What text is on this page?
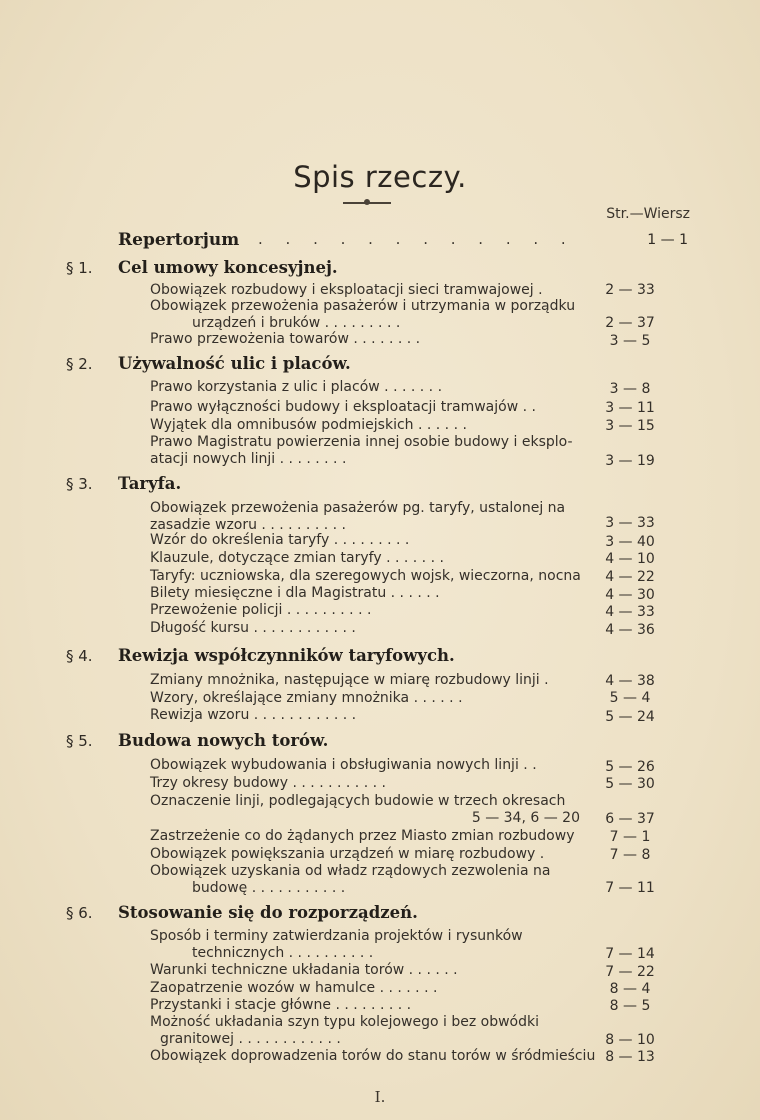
Spis rzeczy.
Str.—Wiersz
Repertorjum . . . . . . . . . . . .	1 — 1
§ 1. Cel umowy koncesyjnej.
Obowiązek rozbudowy i eksploatacji sieci tramwajowej .	2 — 33
Obowiązek przewożenia pasażerów i utrzymania w porządku
urządzeń i bruków . . . . . . . . .	2 — 37
Prawo przewożenia towarów . . . . . . . .	3 — 5
§ 2. Używalność ulic i placów.
Prawo korzystania z ulic i placów . . . . . . .	3 — 8
Prawo wyłączności budowy i eksploatacji tramwajów . .	3 — 11
Wyjątek dla omnibusów podmiejskich . . . . . .	3 — 15
Prawo Magistratu powierzenia innej osobie budowy i eksplo-
atacji nowych linji . . . . . . . .	3 — 19
§ 3. Taryfa.
Obowiązek przewożenia pasażerów pg. taryfy, ustalonej na
zasadzie wzoru . . . . . . . . . .	3 — 33
Wzór do określenia taryfy . . . . . . . . .	3 — 40
Klauzule, dotyczące zmian taryfy . . . . . . .	4 — 10
Taryfy: uczniowska, dla szeregowych wojsk, wieczorna, nocna	4 — 22
Bilety miesięczne i dla Magistratu . . . . . .	4 — 30
Przewożenie policji . . . . . . . . . .	4 — 33
Długość kursu . . . . . . . . . . . .	4 — 36
§ 4. Rewizja współczynników taryfowych.
Zmiany mnożnika, następujące w miarę rozbudowy linji .	4 — 38
Wzory, określające zmiany mnożnika . . . . . .	5 — 4
Rewizja wzoru . . . . . . . . . . . .	5 — 24
§ 5. Budowa nowych torów.
Obowiązek wybudowania i obsługiwania nowych linji . .	5 — 26
Trzy okresy budowy . . . . . . . . . . .	5 — 30
Oznaczenie linji, podlegających budowie w trzech okresach
5 — 34, 6 — 20	6 — 37
Zastrzeżenie co do żądanych przez Miasto zmian rozbudowy	7 — 1
Obowiązek powiększania urządzeń w miarę rozbudowy .	7 — 8
Obowiązek uzyskania od władz rządowych zezwolenia na
budowę . . . . . . . . . . .	7 — 11
§ 6. Stosowanie się do rozporządzeń.
Sposób i terminy zatwierdzania projektów i rysunków
technicznych . . . . . . . . . .	7 — 14
Warunki techniczne układania torów . . . . . .	7 — 22
Zaopatrzenie wozów w hamulce . . . . . . .	8 — 4
Przystanki i stacje główne . . . . . . . . .	8 — 5
Możność układania szyn typu kolejowego i bez obwódki
granitowej . . . . . . . . . . . .	8 — 10
Obowiązek doprowadzenia torów do stanu torów w śródmieściu 8 — 13
I.
